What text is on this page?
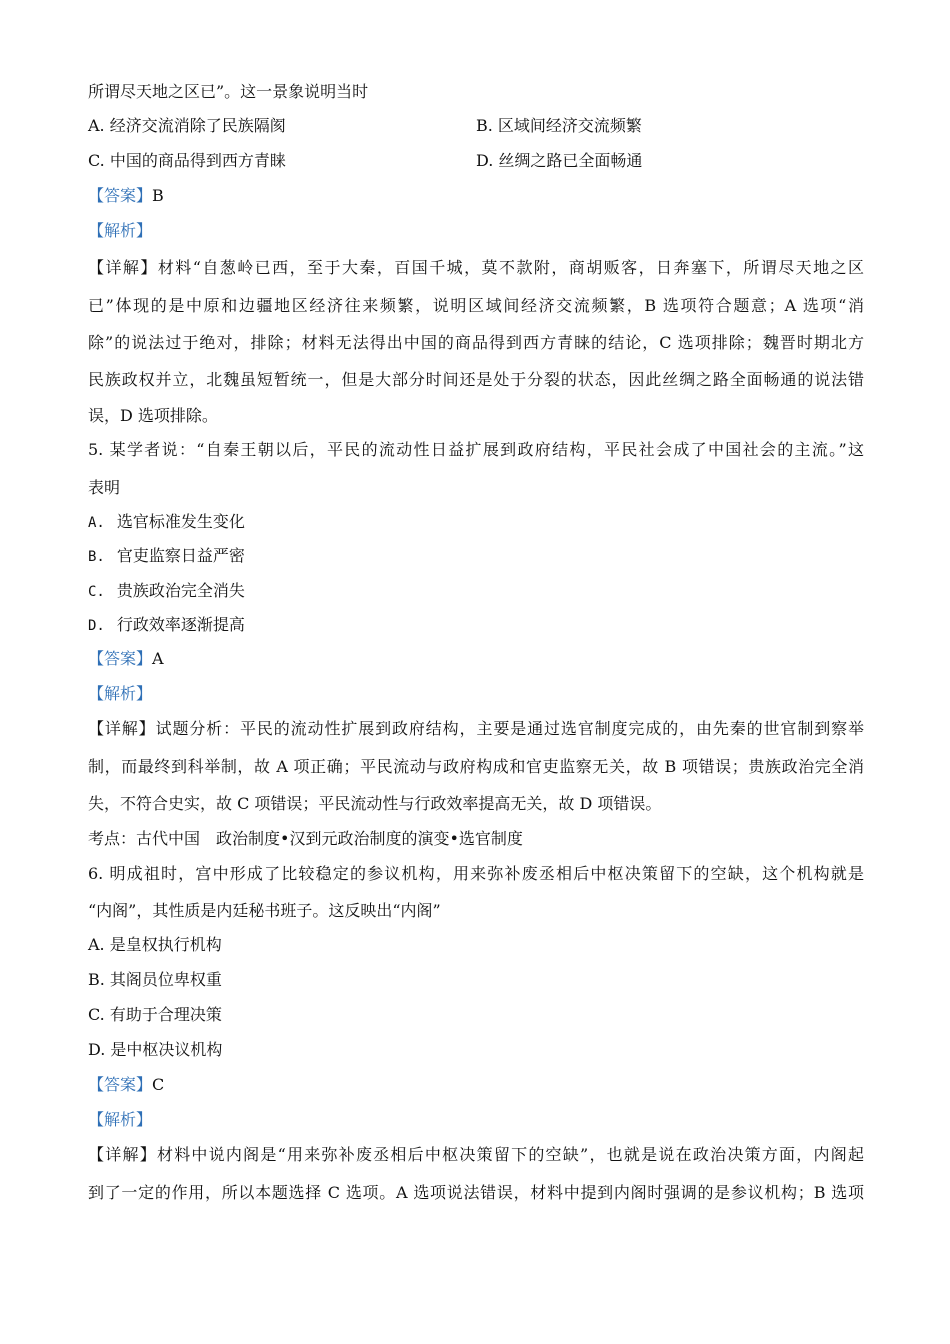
所谓尽天地之区已”。这一景象说明当时
A. 经济交流消除了民族隔阂	B. 区域间经济交流频繁
C. 中国的商品得到西方青睐	D. 丝绸之路已全面畅通
【答案】B
【解析】
【详解】材料“自葱岭已西，至于大秦，百国千城，莫不款附，商胡贩客，日奔塞下，所谓尽天地之区
已”体现的是中原和边疆地区经济往来频繁，说明区域间经济交流频繁，B 选项符合题意；A 选项“消
除”的说法过于绝对，排除；材料无法得出中国的商品得到西方青睐的结论，C 选项排除；魏晋时期北方
民族政权并立，北魏虽短暂统一，但是大部分时间还是处于分裂的状态，因此丝绸之路全面畅通的说法错
误，D 选项排除。
5. 某学者说：“自秦王朝以后，平民的流动性日益扩展到政府结构，平民社会成了中国社会的主流。”这
表明
A. 选官标准发生变化
B. 官吏监察日益严密
C. 贵族政治完全消失
D. 行政效率逐渐提高
【答案】A
【解析】
【详解】试题分析：平民的流动性扩展到政府结构，主要是通过选官制度完成的，由先秦的世官制到察举
制，而最终到科举制，故 A 项正确；平民流动与政府构成和官吏监察无关，故 B 项错误；贵族政治完全消
失，不符合史实，故 C 项错误；平民流动性与行政效率提高无关，故 D 项错误。
考点：古代中国　政治制度•汉到元政治制度的演变•选官制度
6. 明成祖时，宫中形成了比较稳定的参议机构，用来弥补废丞相后中枢决策留下的空缺，这个机构就是
“内阁”，其性质是内廷秘书班子。这反映出“内阁”
A. 是皇权执行机构
B. 其阁员位卑权重
C. 有助于合理决策
D. 是中枢决议机构
【答案】C
【解析】
【详解】材料中说内阁是“用来弥补废丞相后中枢决策留下的空缺”，也就是说在政治决策方面，内阁起
到了一定的作用，所以本题选择 C 选项。A 选项说法错误，材料中提到内阁时强调的是参议机构；B 选项
